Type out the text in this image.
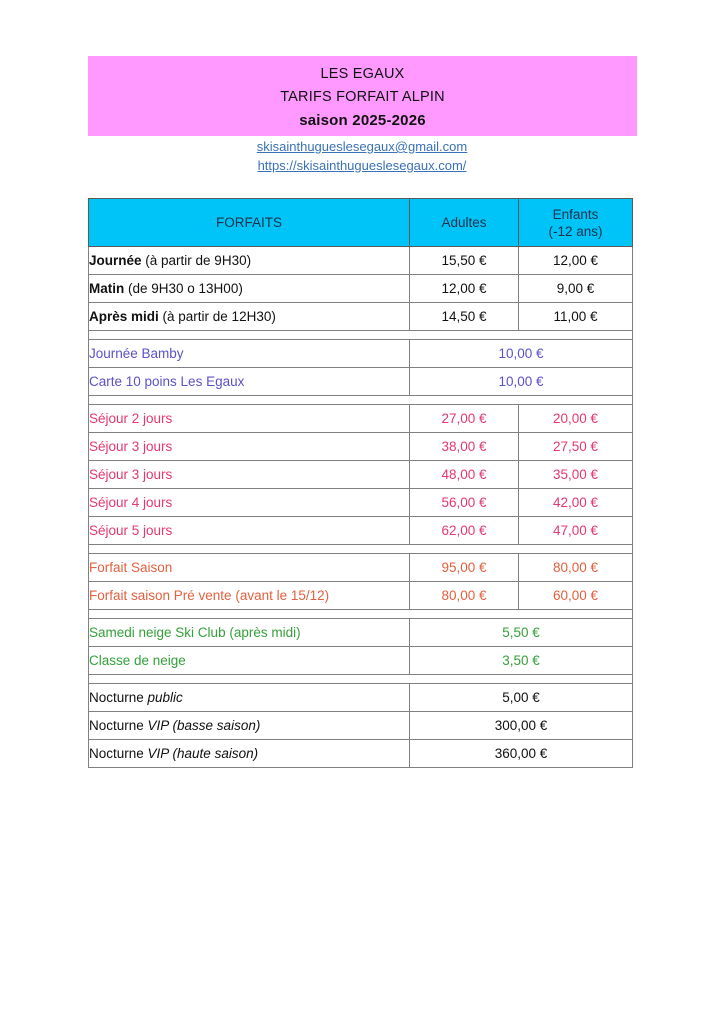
LES EGAUX
TARIFS FORFAIT ALPIN
saison 2025-2026
skisainthugueslesegaux@gmail.com
https://skisainthugueslesegaux.com/
FORFAITS	Adultes	Enfants
(-12 ans)

Journée (à partir de 9H30)	15,50 €	12,00 €
Matin (de 9H30 o 13H00)	12,00 €	9,00 €
Après midi (à partir de 12H30)	14,50 €	11,00 €

Journée Bamby	10,00 €	
Carte 10 poins Les Egaux	10,00 €	

Séjour 2 jours	27,00 €	20,00 €
Séjour 3 jours	38,00 €	27,50 €
Séjour 3 jours	48,00 €	35,00 €
Séjour 4 jours	56,00 €	42,00 €
Séjour 5 jours	62,00 €	47,00 €

Forfait Saison	95,00 €	80,00 €
Forfait saison Pré vente (avant le 15/12)	80,00 €	60,00 €

Samedi neige Ski Club (après midi)	5,50 €	
Classe de neige	3,50 €	

Nocturne public	5,00 €	
Nocturne VIP (basse saison)	300,00 €	
Nocturne VIP (haute saison)	360,00 €	
